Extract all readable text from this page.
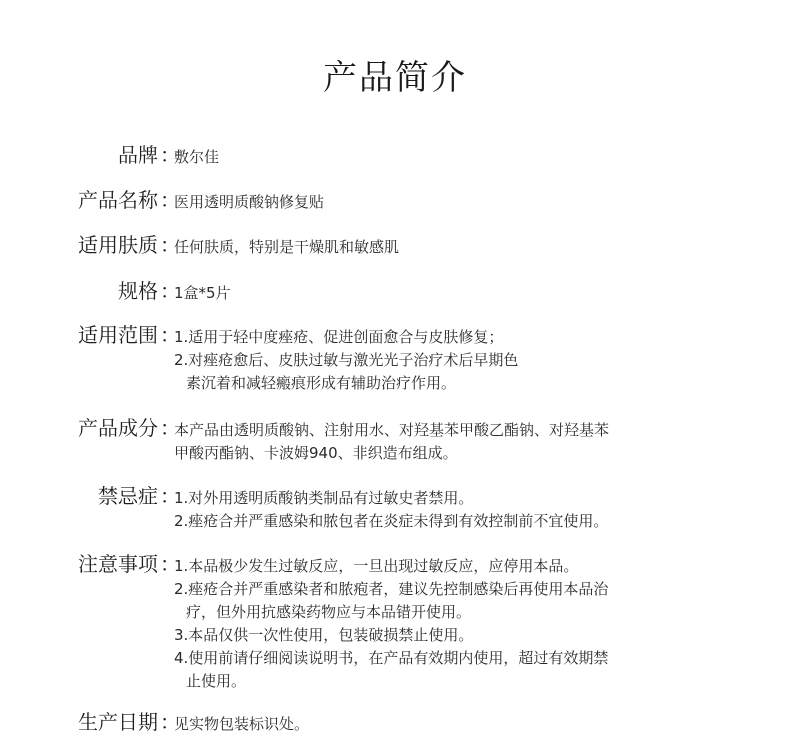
产品简介
品牌 ：
敷尔佳
产品名称 ：
医用透明质酸钠修复贴
适用肤质 ：
任何肤质，特别是干燥肌和敏感肌
规格 ：
1盒*5片
适用范围 ：
1.适用于轻中度痤疮、促进创面愈合与皮肤修复；
2.对痤疮愈后、皮肤过敏与激光光子治疗术后早期色
素沉着和减轻瘢痕形成有辅助治疗作用。
产品成分 ：
本产品由透明质酸钠、注射用水、对羟基苯甲酸乙酯钠、对羟基苯
甲酸丙酯钠、卡波姆940、非织造布组成。
禁忌症 ：
1.对外用透明质酸钠类制品有过敏史者禁用。
2.痤疮合并严重感染和脓包者在炎症未得到有效控制前不宜使用。
注意事项 ：
1.本品极少发生过敏反应，一旦出现过敏反应，应停用本品。
2.痤疮合并严重感染者和脓疱者，建议先控制感染后再使用本品治
疗，但外用抗感染药物应与本品错开使用。
3.本品仅供一次性使用，包装破损禁止使用。
4.使用前请仔细阅读说明书，在产品有效期内使用，超过有效期禁
止使用。
生产日期 ：
见实物包装标识处。
